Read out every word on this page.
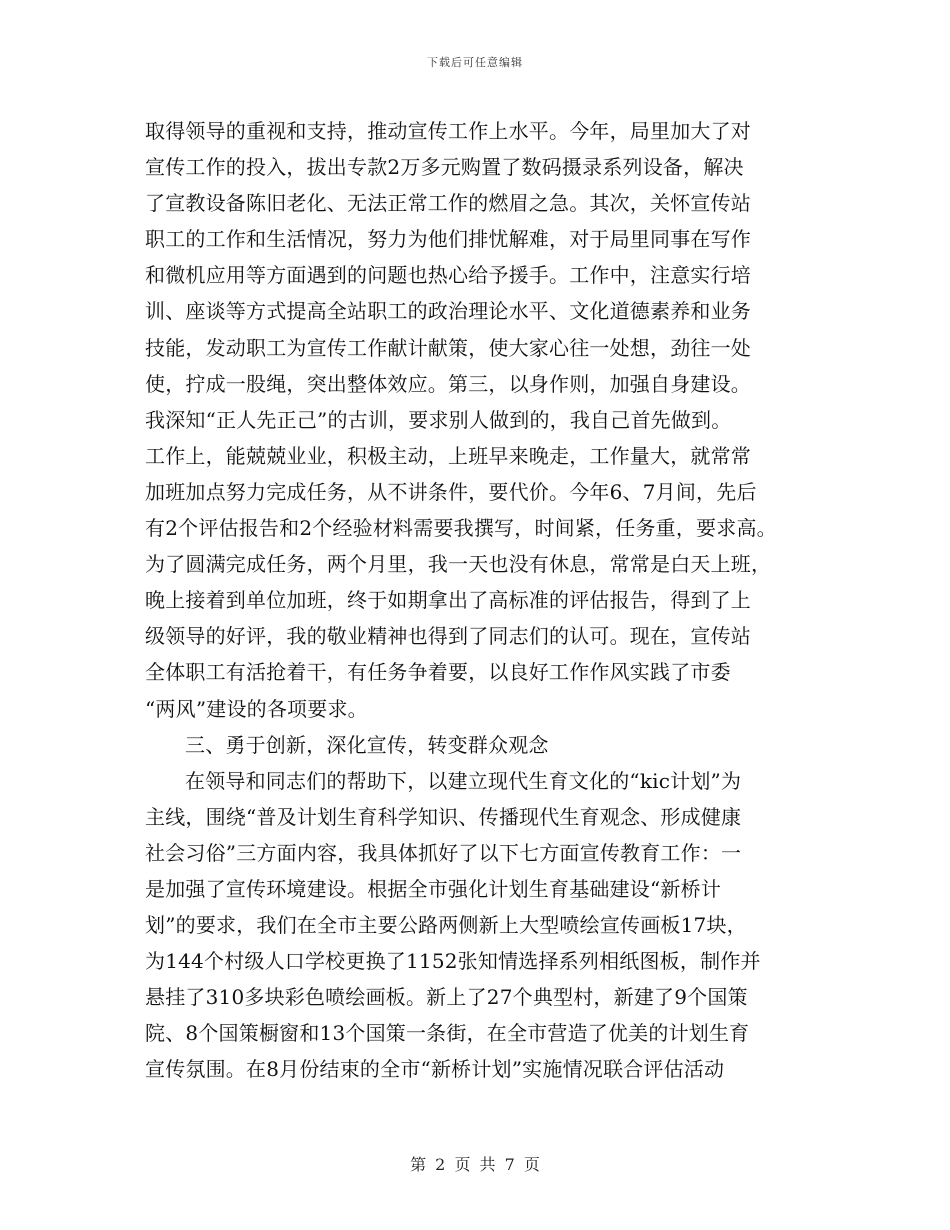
下载后可任意编辑
取得领导的重视和支持，推动宣传工作上水平。今年，局里加大了对
宣传工作的投入，拔出专款2万多元购置了数码摄录系列设备，解决
了宣教设备陈旧老化、无法正常工作的燃眉之急。其次，关怀宣传站
职工的工作和生活情况，努力为他们排忧解难，对于局里同事在写作
和微机应用等方面遇到的问题也热心给予援手。工作中，注意实行培
训、座谈等方式提高全站职工的政治理论水平、文化道德素养和业务
技能，发动职工为宣传工作献计献策，使大家心往一处想，劲往一处
使，拧成一股绳，突出整体效应。第三，以身作则，加强自身建设。
我深知“正人先正己”的古训，要求别人做到的，我自己首先做到。
工作上，能兢兢业业，积极主动，上班早来晚走，工作量大，就常常
加班加点努力完成任务，从不讲条件，要代价。今年6、7月间，先后
有2个评估报告和2个经验材料需要我撰写，时间紧，任务重，要求高。
为了圆满完成任务，两个月里，我一天也没有休息，常常是白天上班，
晚上接着到单位加班，终于如期拿出了高标准的评估报告，得到了上
级领导的好评，我的敬业精神也得到了同志们的认可。现在，宣传站
全体职工有活抢着干，有任务争着要，以良好工作作风实践了市委
“两风”建设的各项要求。
三、勇于创新，深化宣传，转变群众观念
在领导和同志们的帮助下，以建立现代生育文化的“kic计划”为
主线，围绕“普及计划生育科学知识、传播现代生育观念、形成健康
社会习俗”三方面内容，我具体抓好了以下七方面宣传教育工作：一
是加强了宣传环境建设。根据全市强化计划生育基础建设“新桥计
划”的要求，我们在全市主要公路两侧新上大型喷绘宣传画板17块，
为144个村级人口学校更换了1152张知情选择系列相纸图板，制作并
悬挂了310多块彩色喷绘画板。新上了27个典型村，新建了9个国策
院、8个国策橱窗和13个国策一条街，在全市营造了优美的计划生育
宣传氛围。在8月份结束的全市“新桥计划”实施情况联合评估活动
第 2 页 共 7 页
